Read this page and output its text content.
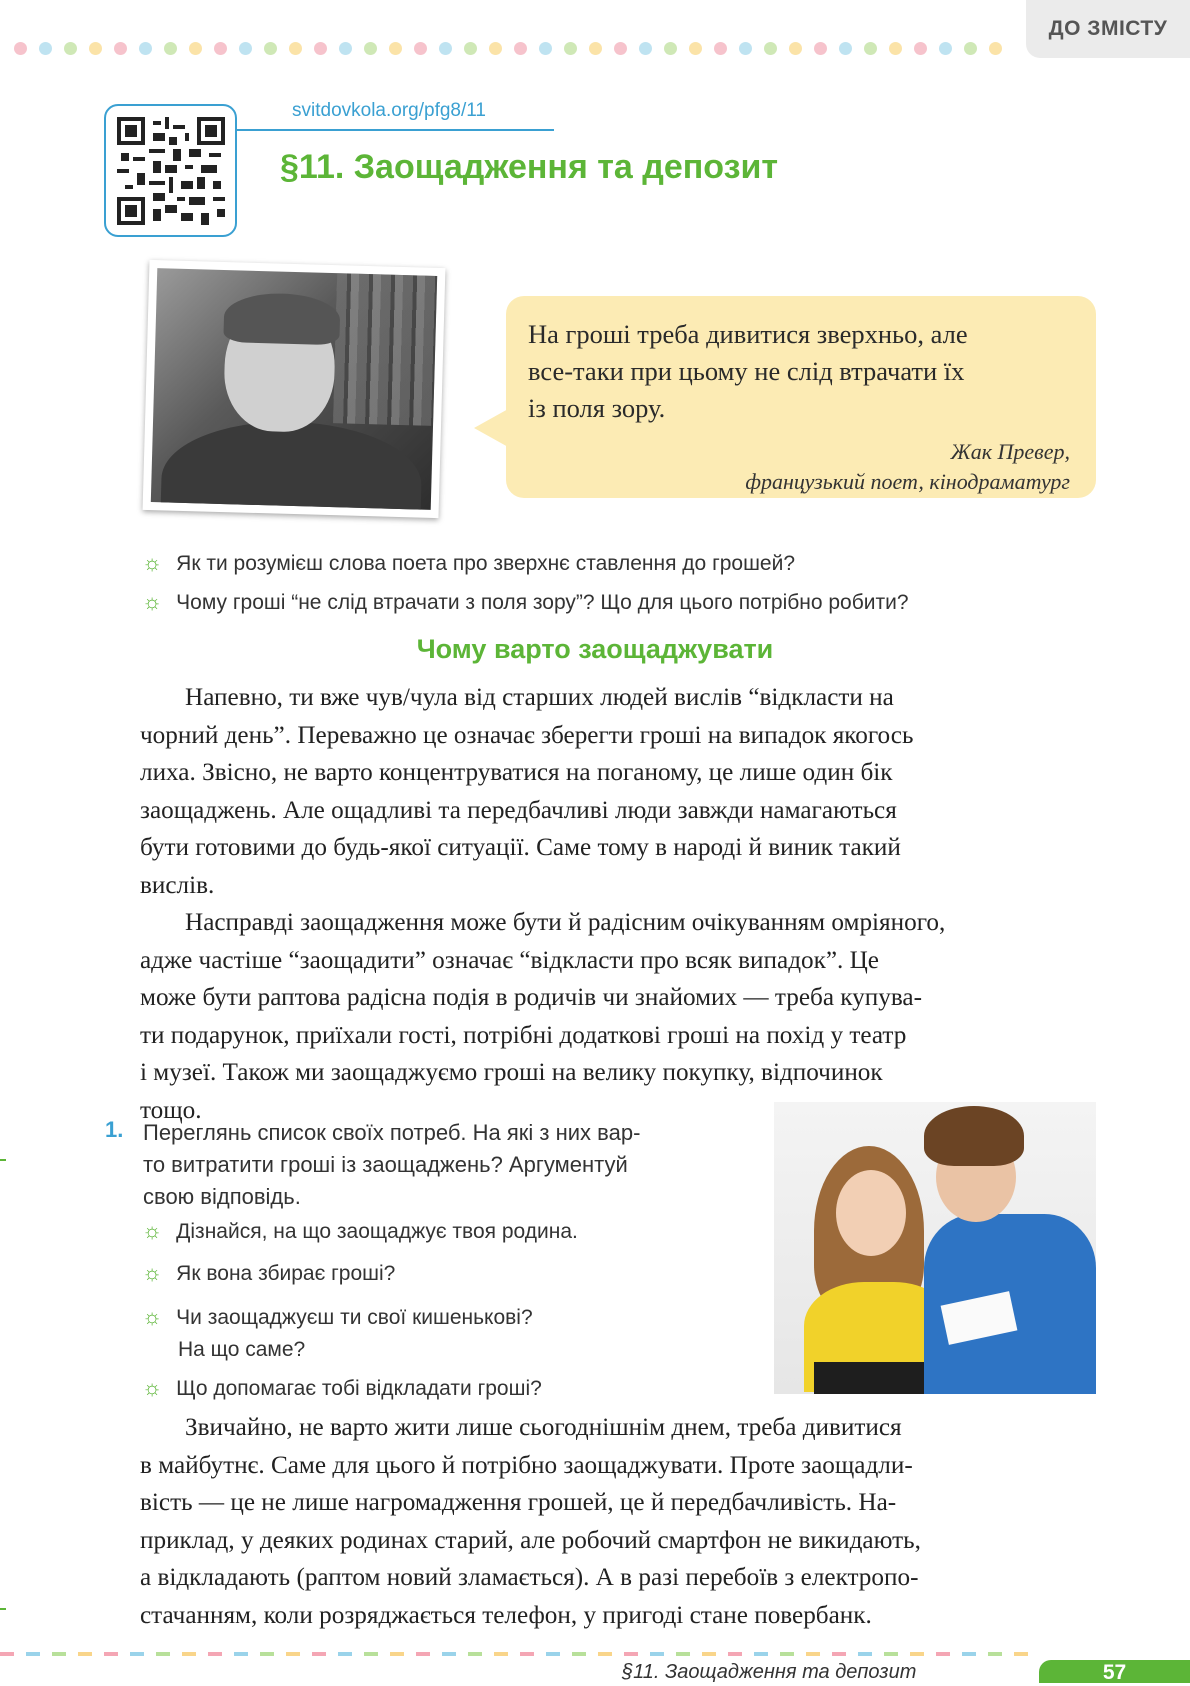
ДО ЗМІСТУ
svitdovkola.org/pfg8/11
§11. Заощадження та депозит
На гроші треба дивитися зверхньо, але
все-таки при цьому не слід втрачати їх
із поля зору.
Жак Превер,
французький поет, кінодраматург
☼ Як ти розумієш слова поета про зверхнє ставлення до грошей?
☼ Чому гроші “не слід втрачати з поля зору”? Що для цього потрібно робити?
Чому варто заощаджувати
Напевно, ти вже чув/чула від старших людей вислів “відкласти на
чорний день”. Переважно це означає зберегти гроші на випадок якогось
лиха. Звісно, не варто концентруватися на поганому, це лише один бік
заощаджень. Але ощадливі та передбачливі люди завжди намагаються
бути готовими до будь-якої ситуації. Саме тому в народі й виник такий
вислів.
Насправді заощадження може бути й радісним очікуванням омріяного,
адже частіше “заощадити” означає “відкласти про всяк випадок”. Це
може бути раптова радісна подія в родичів чи знайомих — треба купува-
ти подарунок, приїхали гості, потрібні додаткові гроші на похід у театр
і музеї. Також ми заощаджуємо гроші на велику покупку, відпочинок
тощо.
1. Переглянь список своїх потреб. На які з них вар-
то витратити гроші із заощаджень? Аргументуй
свою відповідь.
☼ Дізнайся, на що заощаджує твоя родина.
☼ Як вона збирає гроші?
☼ Чи заощаджуєш ти свої кишенькові?
На що саме?
☼ Що допомагає тобі відкладати гроші?
Звичайно, не варто жити лише сьогоднішнім днем, треба дивитися
в майбутнє. Саме для цього й потрібно заощаджувати. Проте заощадли-
вість — це не лише нагромадження грошей, це й передбачливість. На-
приклад, у деяких родинах старий, але робочий смартфон не викидають,
а відкладають (раптом новий зламається). А в разі перебоїв з електропо-
стачанням, коли розряджається телефон, у пригоді стане повербанк.
§11. Заощадження та депозит	57
